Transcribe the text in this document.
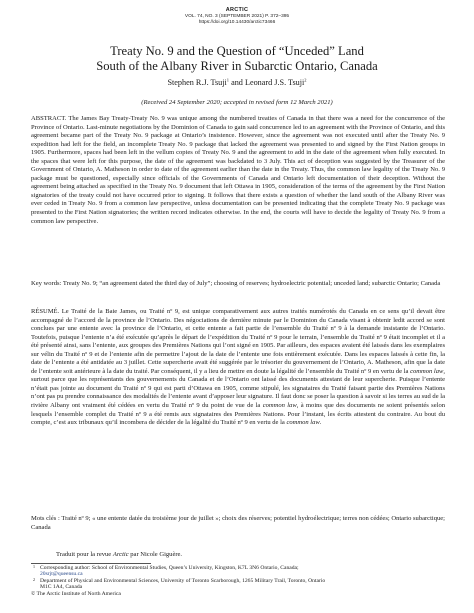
ARCTIC
VOL. 74, NO. 3 (SEPTEMBER 2021) P. 372–395
https://doi.org/10.14430/arctic73466
Treaty No. 9 and the Question of “Unceded” Land
South of the Albany River in Subarctic Ontario, Canada
Stephen R.J. Tsuji$^1$ and Leonard J.S. Tsuji$^2$
(Received 24 September 2020; accepted in revised form 12 March 2021)

ABSTRACT. The James Bay Treaty-Treaty No. 9 was unique among the numbered treaties of Canada in that there was a need for the concurrence of the Province of Ontario. Last-minute negotiations by the Dominion of Canada to gain said concurrence led to an agreement with the Province of Ontario, and this agreement became part of the Treaty No. 9 package at Ontario’s insistence. However, since the agreement was not executed until after the Treaty No. 9 expedition had left for the field, an incomplete Treaty No. 9 package that lacked the agreement was presented to and signed by the First Nation groups in 1905. Furthermore, spaces had been left in the vellum copies of Treaty No. 9 and the agreement to add in the date of the agreement when fully executed. In the spaces that were left for this purpose, the date of the agreement was backdated to 3 July. This act of deception was suggested by the Treasurer of the Government of Ontario, A. Matheson in order to date of the agreement earlier than the date in the Treaty. Thus, the common law legality of the Treaty No. 9 package must be questioned, especially since officials of the Governments of Canada and Ontario left documentation of their deception. Without the agreement being attached as specified in the Treaty No. 9 document that left Ottawa in 1905, consideration of the terms of the agreement by the First Nation signatories of the treaty could not have occurred prior to signing. It follows that there exists a question of whether the land south of the Albany River was ever ceded in Treaty No. 9 from a common law perspective, unless documentation can be presented indicating that the complete Treaty No. 9 package was presented to the First Nation signatories; the written record indicates otherwise. In the end, the courts will have to decide the legality of Treaty No. 9 from a common law perspective.

Key words: Treaty No. 9; “an agreement dated the third day of July”; choosing of reserves; hydroelectric potential; unceded land; subarctic Ontario; Canada

RÉSUMÉ. Le Traité de la Baie James, ou Traité nº 9, est unique comparativement aux autres traités numérotés du Canada en ce sens qu’il devait être accompagné de l’accord de la province de l’Ontario. Des négociations de dernière minute par le Dominion du Canada visant à obtenir ledit accord se sont conclues par une entente avec la province de l’Ontario, et cette entente a fait partie de l’ensemble du Traité nº 9 à la demande insistante de l’Ontario. Toutefois, puisque l’entente n’a été exécutée qu’après le départ de l’expédition du Traité nº 9 pour le terrain, l’ensemble du Traité nº 9 était incomplet et il a été présenté ainsi, sans l’entente, aux groupes des Premières Nations qui l’ont signé en 1905. Par ailleurs, des espaces avaient été laissés dans les exemplaires sur vélin du Traité nº 9 et de l’entente afin de permettre l’ajout de la date de l’entente une fois entièrement exécutée. Dans les espaces laissés à cette fin, la date de l’entente a été antidatée au 3 juillet. Cette supercherie avait été suggérée par le trésorier du gouvernement de l’Ontario, A. Matheson, afin que la date de l’entente soit antérieure à la date du traité. Par conséquent, il y a lieu de mettre en doute la légalité de l’ensemble du Traité nº 9 en vertu de la common law, surtout parce que les représentants des gouvernements du Canada et de l’Ontario ont laissé des documents attestant de leur supercherie. Puisque l’entente n’était pas jointe au document du Traité nº 9 qui est parti d’Ottawa en 1905, comme stipulé, les signataires du Traité faisant partie des Premières Nations n’ont pas pu prendre connaissance des modalités de l’entente avant d’apposer leur signature. Il faut donc se poser la question à savoir si les terres au sud de la rivière Albany ont vraiment été cédées en vertu du Traité nº 9 du point de vue de la common law, à moins que des documents ne soient présentés selon lesquels l’ensemble complet du Traité nº 9 a été remis aux signataires des Premières Nations. Pour l’instant, les écrits attestent du contraire. Au bout du compte, c’est aux tribunaux qu’il incombera de décider de la légalité du Traité nº 9 en vertu de la common law.

Mots clés : Traité nº 9; « une entente datée du troisième jour de juillet »; choix des réserves; potentiel hydroélectrique; terres non cédées; Ontario subarctique; Canada

Traduit pour la revue Arctic par Nicole Giguère.

1 Corresponding author: School of Environmental Studies, Queen’s University, Kingston, K7L 3N6 Ontario, Canada;
20srjt@queensu.ca

2 Department of Physical and Environmental Sciences, University of Toronto Scarborough, 1265 Military Trail, Toronto, Ontario
M1C 1A4, Canada

© The Arctic Institute of North America
